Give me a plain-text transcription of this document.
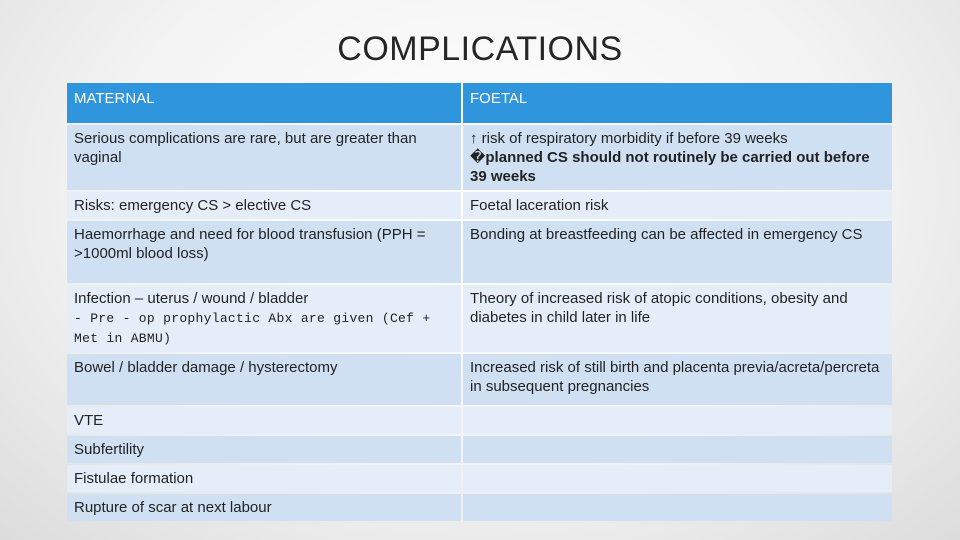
COMPLICATIONS
MATERNAL	FOETAL
Serious complications are rare, but are greater than vaginal	↑ risk of respiratory morbidity if before 39 weeks
�planned CS should not routinely be carried out before 39 weeks
Risks: emergency CS > elective CS	Foetal laceration risk
Haemorrhage and need for blood transfusion (PPH = >1000ml blood loss)	Bonding at breastfeeding can be affected in emergency CS
Infection – uterus / wound / bladder
- Pre - op prophylactic Abx are given (Cef + Met in ABMU)	Theory of increased risk of atopic conditions, obesity and diabetes in child later in life
Bowel / bladder damage / hysterectomy	Increased risk of still birth and placenta previa/acreta/percreta in subsequent pregnancies
VTE	
Subfertility	
Fistulae formation	
Rupture of scar at next labour	
